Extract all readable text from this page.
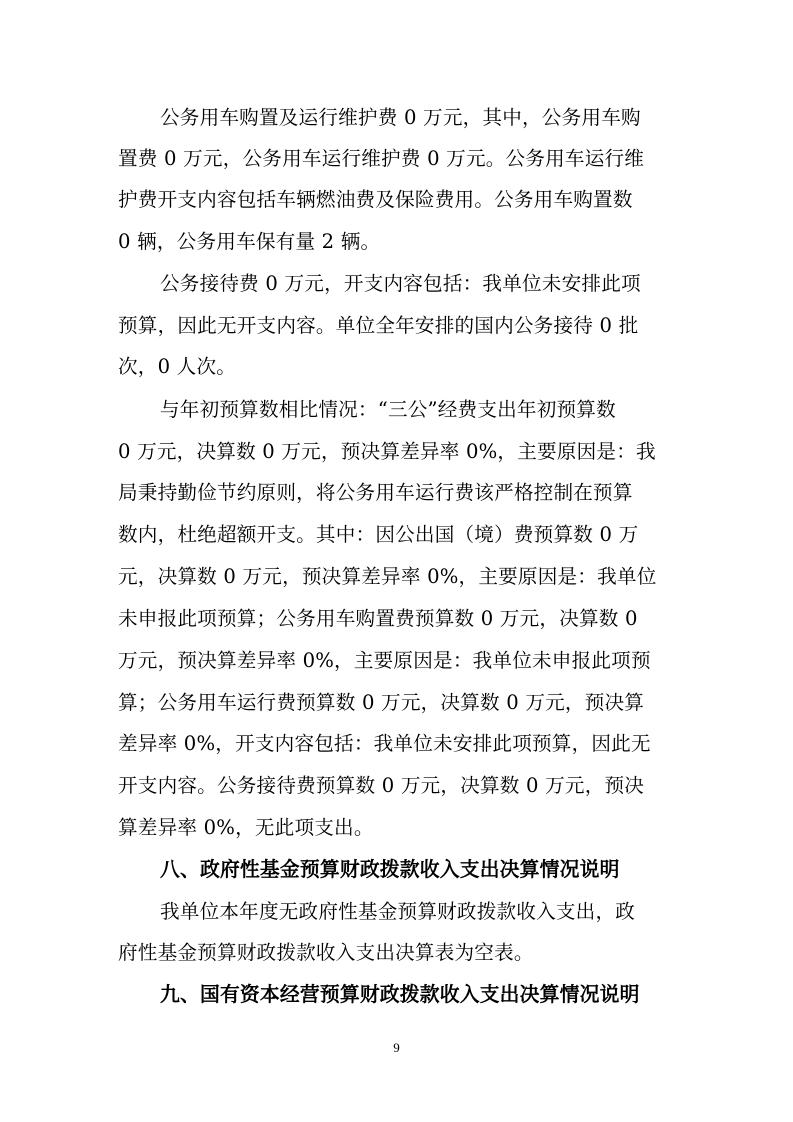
公务用车购置及运行维护费 0 万元，其中，公务用车购
置费 0 万元，公务用车运行维护费 0 万元。公务用车运行维
护费开支内容包括车辆燃油费及保险费用。公务用车购置数
0 辆，公务用车保有量 2 辆。
公务接待费 0 万元，开支内容包括：我单位未安排此项
预算，因此无开支内容。单位全年安排的国内公务接待 0 批
次，0 人次。
与年初预算数相比情况：“三公”经费支出年初预算数
0 万元，决算数 0 万元，预决算差异率 0%，主要原因是：我
局秉持勤俭节约原则，将公务用车运行费该严格控制在预算
数内，杜绝超额开支。其中：因公出国（境）费预算数 0 万
元，决算数 0 万元，预决算差异率 0%，主要原因是：我单位
未申报此项预算；公务用车购置费预算数 0 万元，决算数 0
万元，预决算差异率 0%，主要原因是：我单位未申报此项预
算；公务用车运行费预算数 0 万元，决算数 0 万元，预决算
差异率 0%，开支内容包括：我单位未安排此项预算，因此无
开支内容。公务接待费预算数 0 万元，决算数 0 万元，预决
算差异率 0%，无此项支出。
八、政府性基金预算财政拨款收入支出决算情况说明
我单位本年度无政府性基金预算财政拨款收入支出，政
府性基金预算财政拨款收入支出决算表为空表。
九、国有资本经营预算财政拨款收入支出决算情况说明
9
